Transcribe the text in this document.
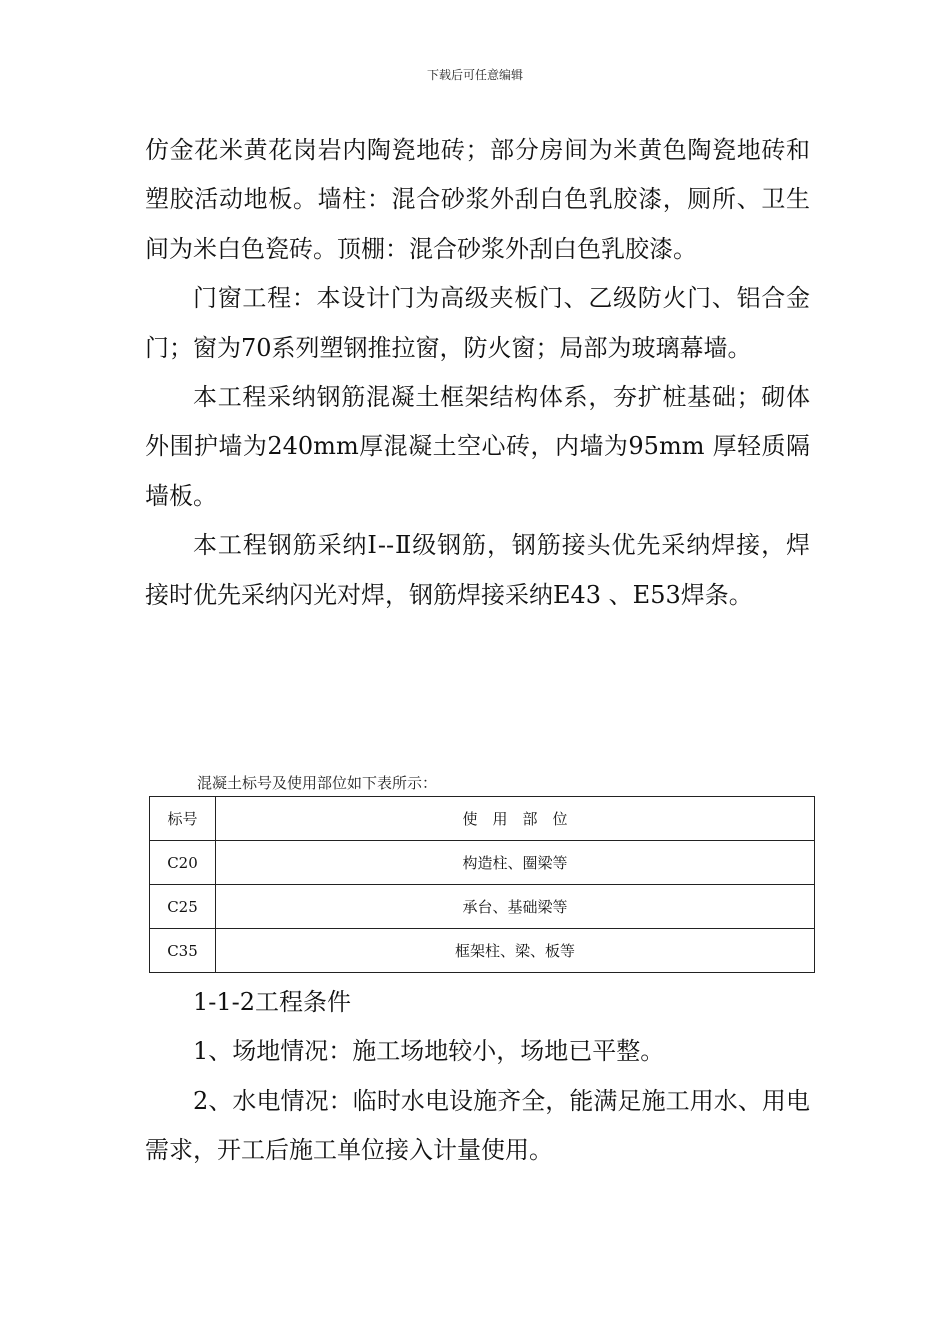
下载后可任意编辑

仿金花米黄花岗岩内陶瓷地砖；部分房间为米黄色陶瓷地砖和塑胶活动地板。墙柱：混合砂浆外刮白色乳胶漆，厕所、卫生间为米白色瓷砖。顶棚：混合砂浆外刮白色乳胶漆。

门窗工程：本设计门为高级夹板门、乙级防火门、铝合金门；窗为70系列塑钢推拉窗，防火窗；局部为玻璃幕墙。

本工程采纳钢筋混凝土框架结构体系，夯扩桩基础；砌体外围护墙为240mm厚混凝土空心砖，内墙为95mm 厚轻质隔墙板。

本工程钢筋采纳Ⅰ--Ⅱ级钢筋，钢筋接头优先采纳焊接，焊接时优先采纳闪光对焊，钢筋焊接采纳E43 、E53焊条。

混凝土标号及使用部位如下表所示：
标号	使　用　部　位
C20	构造柱、圈梁等
C25	承台、基础梁等
C35	框架柱、梁、板等

1-1-2工程条件

1、场地情况：施工场地较小，场地已平整。

2、水电情况：临时水电设施齐全，能满足施工用水、用电需求，开工后施工单位接入计量使用。
